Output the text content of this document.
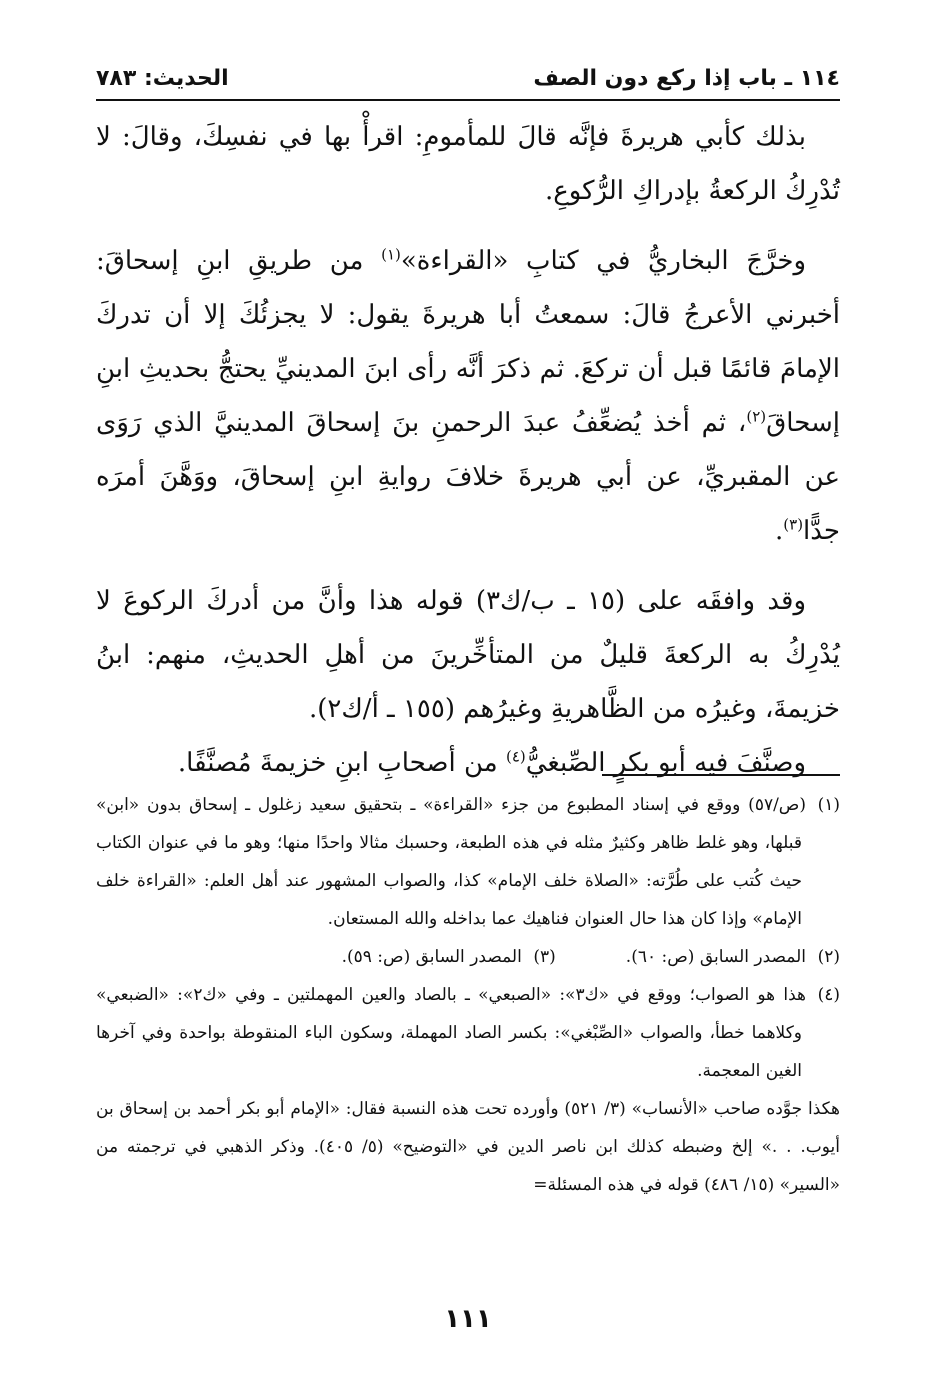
١١٤ ـ باب إذا ركع دون الصف
الحديث: ٧٨٣

بذلك كأبي هريرةَ فإنَّه قالَ للمأمومِ: اقرأْ بها في نفسِكَ، وقالَ: لا تُدْرِكُ الركعةُ بإدراكِ الرُّكوعِ.

وخرَّجَ البخاريُّ في كتابِ «القراءة»$^{(١)}$ من طريقِ ابنِ إسحاقَ: أخبرني الأعرجُ قالَ: سمعتُ أبا هريرةَ يقول: لا يجزئُكَ إلا أن تدركَ الإمامَ قائمًا قبل أن تركعَ. ثم ذكرَ أنَّه رأى ابنَ المدينيِّ يحتجُّ بحديثِ ابنِ إسحاقَ$^{(٢)}$، ثم أخذ يُضعِّفُ عبدَ الرحمنِ بنَ إسحاقَ المدينيَّ الذي رَوَى عن المقبريِّ، عن أبي هريرةَ خلافَ روايةِ ابنِ إسحاقَ، ووَهَّنَ أمرَه جدًّا$^{(٣)}$.

وقد وافقَه على (١٥ ـ ب/ك٣) قوله هذا وأنَّ من أدركَ الركوعَ لا يُدْرِكُ به الركعةَ قليلٌ من المتأخِّرينَ من أهلِ الحديثِ، منهم: ابنُ خزيمةَ، وغيرُه من الظَّاهريةِ وغيرُهم (١٥٥ ـ أ/ك٢).

وصنَّفَ فيه أبو بكرٍ الصِّبغيُّ$^{(٤)}$ من أصحابِ ابنِ خزيمةَ مُصنَّفًا.

(١)(ص/٥٧) ووقع في إسناد المطبوع من جزء «القراءة» ـ بتحقيق سعيد زغلول ـ إسحاق بدون «ابن» قبلها، وهو غلط ظاهر وكثيرٌ مثله في هذه الطبعة، وحسبك مثالا واحدًا منها؛ وهو ما في عنوان الكتاب حيث كُتب على طُرَّته: «الصلاة خلف الإمام» كذا، والصواب المشهور عند أهل العلم: «القراءة خلف الإمام» وإذا كان هذا حال العنوان فناهيك عما بداخله والله المستعان.

(٢)المصدر السابق (ص: ٦٠).

(٣)المصدر السابق (ص: ٥٩).

(٤)هذا هو الصواب؛ ووقع في «ك٣»: «الصبعي» ـ بالصاد والعين المهملتين ـ وفي «ك٢»: «الضبعي» وكلاهما خطأ، والصواب «الصِّبْغي»: بكسر الصاد المهملة، وسكون الباء المنقوطة بواحدة وفي آخرها الغين المعجمة.

هكذا جوَّده صاحب «الأنساب» (٣/ ٥٢١) وأورده تحت هذه النسبة فقال: «الإمام أبو بكر أحمد بن إسحاق بن أيوب. . .» إلخ وضبطه كذلك ابن ناصر الدين في «التوضيح» (٥/ ٤٠٥). وذكر الذهبي في ترجمته من «السير» (١٥/ ٤٨٦) قوله في هذه المسئلة=

١١١
